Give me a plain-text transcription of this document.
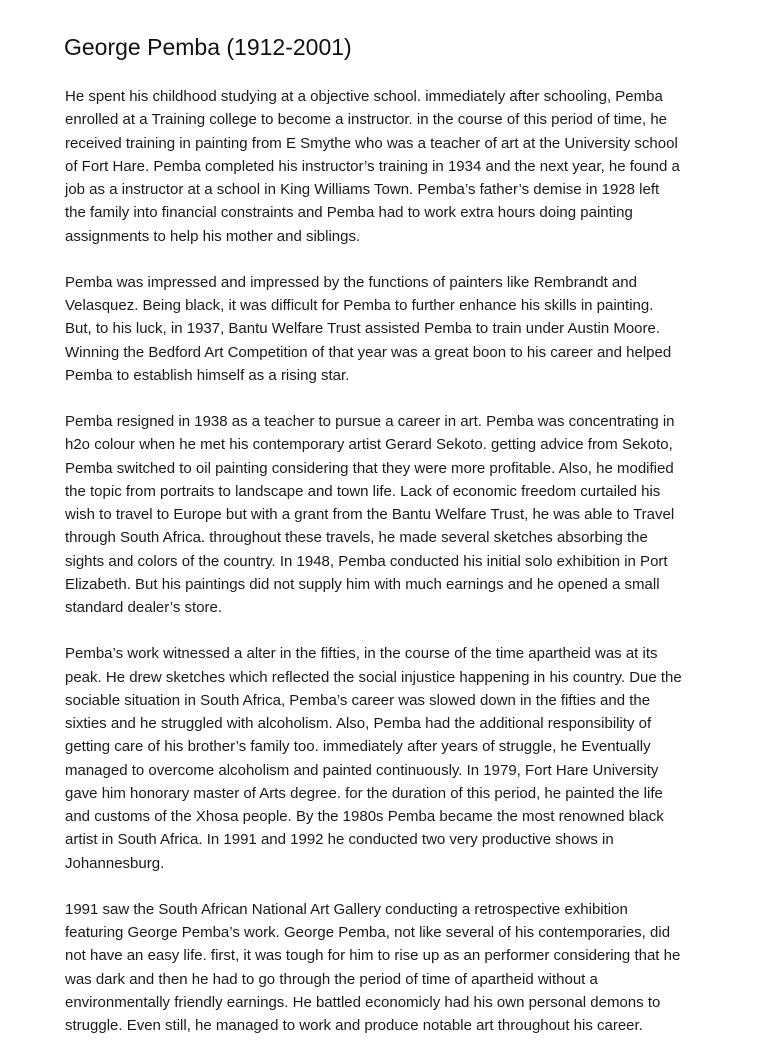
George Pemba (1912-2001)

He spent his childhood studying at a objective school. immediately after schooling, Pemba
enrolled at a Training college to become a instructor. in the course of this period of time, he
received training in painting from E Smythe who was a teacher of art at the University school
of Fort Hare. Pemba completed his instructor’s training in 1934 and the next year, he found a
job as a instructor at a school in King Williams Town. Pemba’s father’s demise in 1928 left
the family into financial constraints and Pemba had to work extra hours doing painting
assignments to help his mother and siblings.

Pemba was impressed and impressed by the functions of painters like Rembrandt and
Velasquez. Being black, it was difficult for Pemba to further enhance his skills in painting.
But, to his luck, in 1937, Bantu Welfare Trust assisted Pemba to train under Austin Moore.
Winning the Bedford Art Competition of that year was a great boon to his career and helped
Pemba to establish himself as a rising star.

Pemba resigned in 1938 as a teacher to pursue a career in art. Pemba was concentrating in
h2o colour when he met his contemporary artist Gerard Sekoto. getting advice from Sekoto,
Pemba switched to oil painting considering that they were more profitable. Also, he modified
the topic from portraits to landscape and town life. Lack of economic freedom curtailed his
wish to travel to Europe but with a grant from the Bantu Welfare Trust, he was able to Travel
through South Africa. throughout these travels, he made several sketches absorbing the
sights and colors of the country. In 1948, Pemba conducted his initial solo exhibition in Port
Elizabeth. But his paintings did not supply him with much earnings and he opened a small
standard dealer’s store.

Pemba’s work witnessed a alter in the fifties, in the course of the time apartheid was at its
peak. He drew sketches which reflected the social injustice happening in his country. Due the
sociable situation in South Africa, Pemba’s career was slowed down in the fifties and the
sixties and he struggled with alcoholism. Also, Pemba had the additional responsibility of
getting care of his brother’s family too. immediately after years of struggle, he Eventually
managed to overcome alcoholism and painted continuously. In 1979, Fort Hare University
gave him honorary master of Arts degree. for the duration of this period, he painted the life
and customs of the Xhosa people. By the 1980s Pemba became the most renowned black
artist in South Africa. In 1991 and 1992 he conducted two very productive shows in
Johannesburg.

1991 saw the South African National Art Gallery conducting a retrospective exhibition
featuring George Pemba’s work. George Pemba, not like several of his contemporaries, did
not have an easy life. first, it was tough for him to rise up as an performer considering that he
was dark and then he had to go through the period of time of apartheid without a
environmentally friendly earnings. He battled economicly had his own personal demons to
struggle. Even still, he managed to work and produce notable art throughout his career.
